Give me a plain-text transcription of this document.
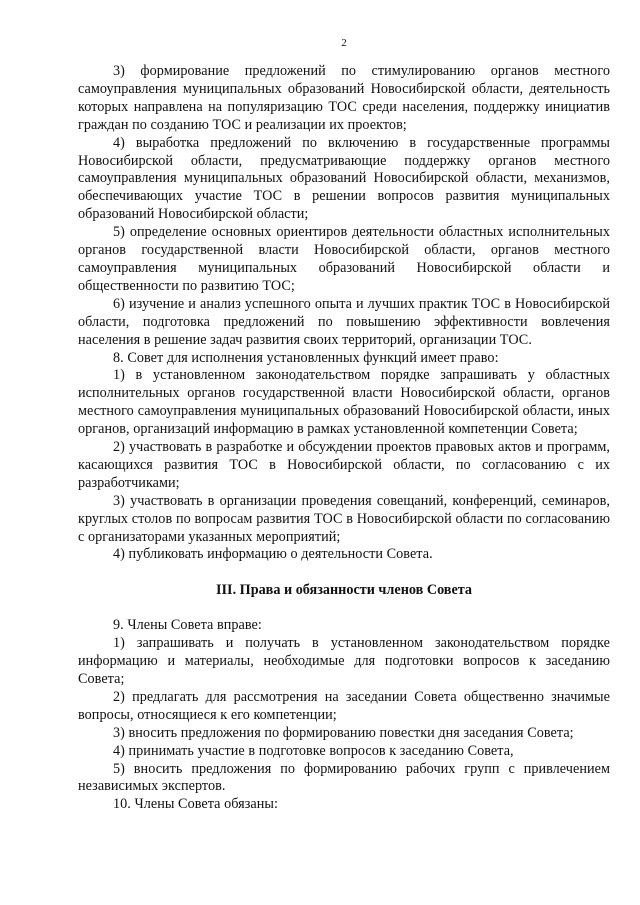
2

3) формирование предложений по стимулированию органов местного самоуправления муниципальных образований Новосибирской области, деятельность которых направлена на популяризацию ТОС среди населения, поддержку инициатив граждан по созданию ТОС и реализации их проектов;

4) выработка предложений по включению в государственные программы Новосибирской области, предусматривающие поддержку органов местного самоуправления муниципальных образований Новосибирской области, механизмов, обеспечивающих участие ТОС в решении вопросов развития муниципальных образований Новосибирской области;

5) определение основных ориентиров деятельности областных исполнительных органов государственной власти Новосибирской области, органов местного самоуправления муниципальных образований Новосибирской области и общественности по развитию ТОС;

6) изучение и анализ успешного опыта и лучших практик ТОС в Новосибирской области, подготовка предложений по повышению эффективности вовлечения населения в решение задач развития своих территорий, организации ТОС.

8. Совет для исполнения установленных функций имеет право:

1) в установленном законодательством порядке запрашивать у областных исполнительных органов государственной власти Новосибирской области, органов местного самоуправления муниципальных образований Новосибирской области, иных органов, организаций информацию в рамках установленной компетенции Совета;

2) участвовать в разработке и обсуждении проектов правовых актов и программ, касающихся развития ТОС в Новосибирской области, по согласованию с их разработчиками;

3) участвовать в организации проведения совещаний, конференций, семинаров, круглых столов по вопросам развития ТОС в Новосибирской области по согласованию с организаторами указанных мероприятий;

4) публиковать информацию о деятельности Совета.

III. Права и обязанности членов Совета

9. Члены Совета вправе:

1) запрашивать и получать в установленном законодательством порядке информацию и материалы, необходимые для подготовки вопросов к заседанию Совета;

2) предлагать для рассмотрения на заседании Совета общественно значимые вопросы, относящиеся к его компетенции;

3) вносить предложения по формированию повестки дня заседания Совета;

4) принимать участие в подготовке вопросов к заседанию Совета,

5) вносить предложения по формированию рабочих групп с привлечением независимых экспертов.

10. Члены Совета обязаны:
